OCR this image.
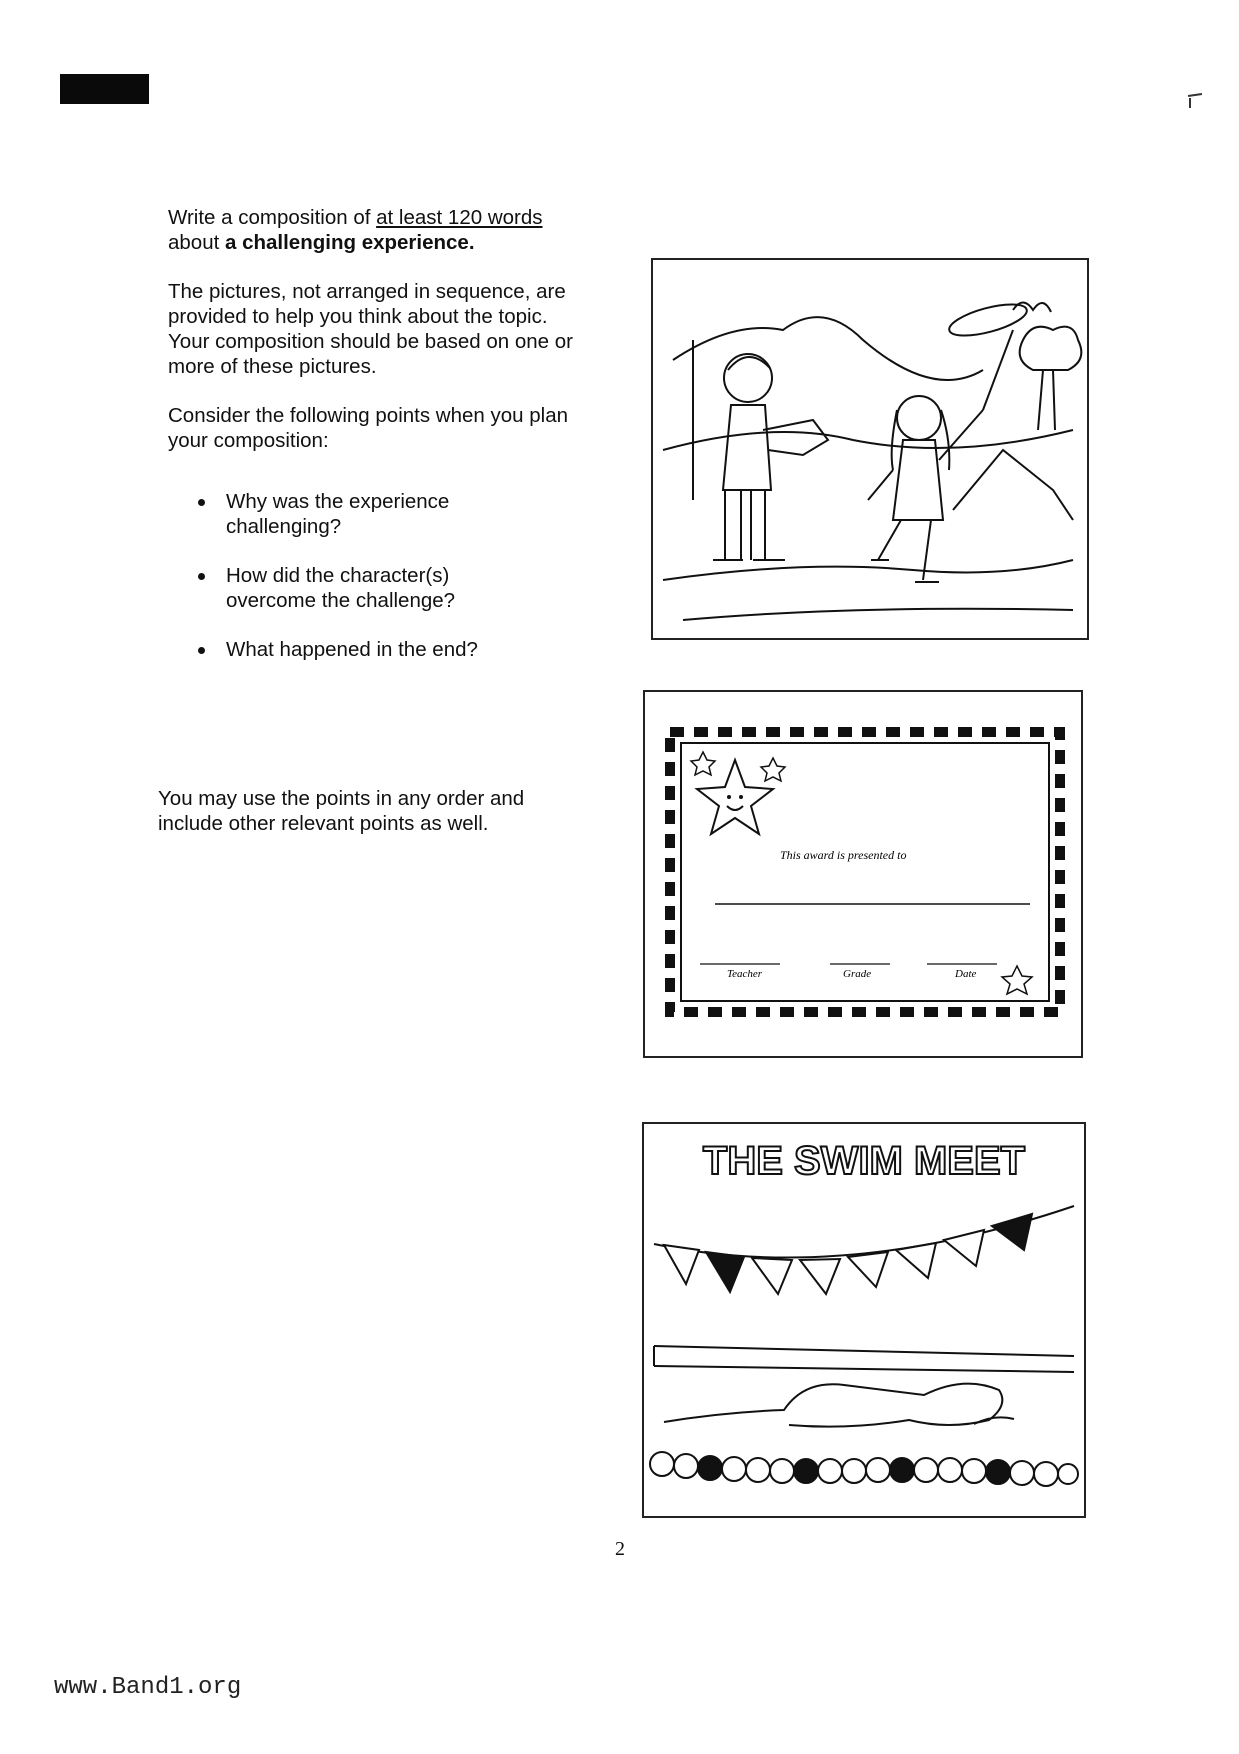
Write a composition of at least 120 words about a challenging experience.

The pictures, not arranged in sequence, are provided to help you think about the topic. Your composition should be based on one or more of these pictures.

Consider the following points when you plan your composition:

Why was the experience challenging?
How did the character(s) overcome the challenge?
What happened in the end?

You may use the points in any order and include other relevant points as well.

This award is presented to
Teacher	Grade	Date
THE SWIM MEET
2
www.Band1.org
